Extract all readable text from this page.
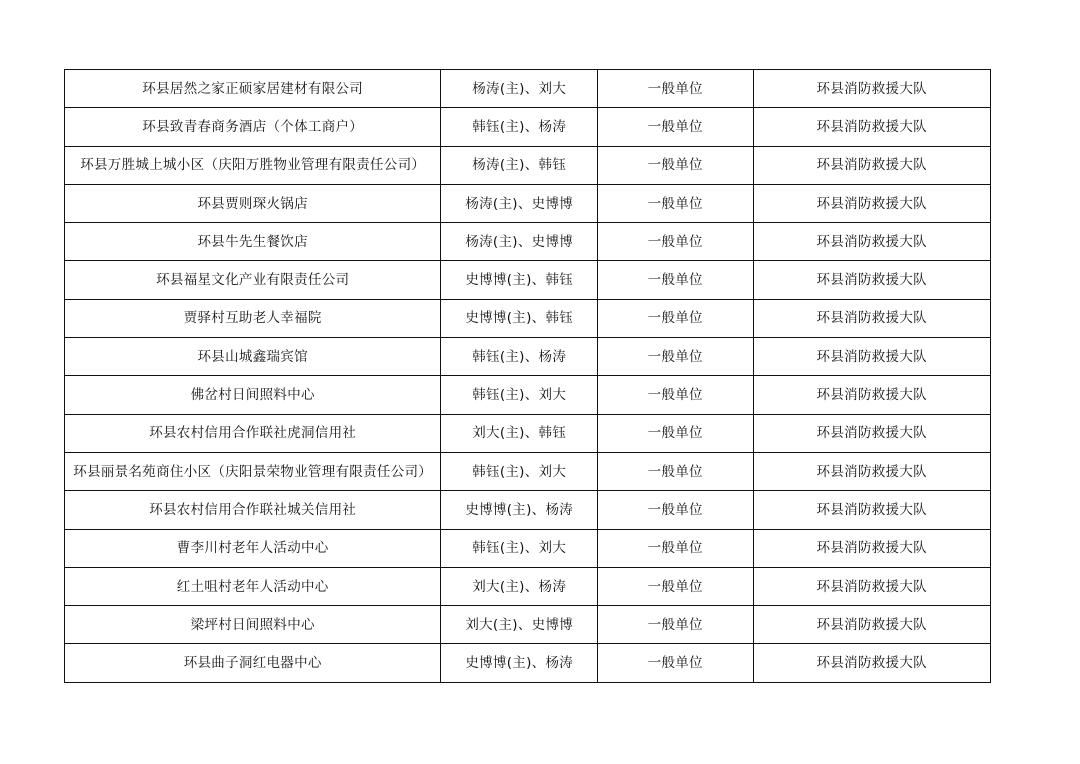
环县居然之家正硕家居建材有限公司	杨涛(主)、刘大	一般单位	环县消防救援大队
环县致青春商务酒店（个体工商户）	韩钰(主)、杨涛	一般单位	环县消防救援大队
环县万胜城上城小区（庆阳万胜物业管理有限责任公司）	杨涛(主)、韩钰	一般单位	环县消防救援大队
环县贾则琛火锅店	杨涛(主)、史博博	一般单位	环县消防救援大队
环县牛先生餐饮店	杨涛(主)、史博博	一般单位	环县消防救援大队
环县福星文化产业有限责任公司	史博博(主)、韩钰	一般单位	环县消防救援大队
贾驿村互助老人幸福院	史博博(主)、韩钰	一般单位	环县消防救援大队
环县山城鑫瑞宾馆	韩钰(主)、杨涛	一般单位	环县消防救援大队
佛岔村日间照料中心	韩钰(主)、刘大	一般单位	环县消防救援大队
环县农村信用合作联社虎洞信用社	刘大(主)、韩钰	一般单位	环县消防救援大队
环县丽景名苑商住小区（庆阳景荣物业管理有限责任公司）	韩钰(主)、刘大	一般单位	环县消防救援大队
环县农村信用合作联社城关信用社	史博博(主)、杨涛	一般单位	环县消防救援大队
曹李川村老年人活动中心	韩钰(主)、刘大	一般单位	环县消防救援大队
红土咀村老年人活动中心	刘大(主)、杨涛	一般单位	环县消防救援大队
梁坪村日间照料中心	刘大(主)、史博博	一般单位	环县消防救援大队
环县曲子洞红电器中心	史博博(主)、杨涛	一般单位	环县消防救援大队
